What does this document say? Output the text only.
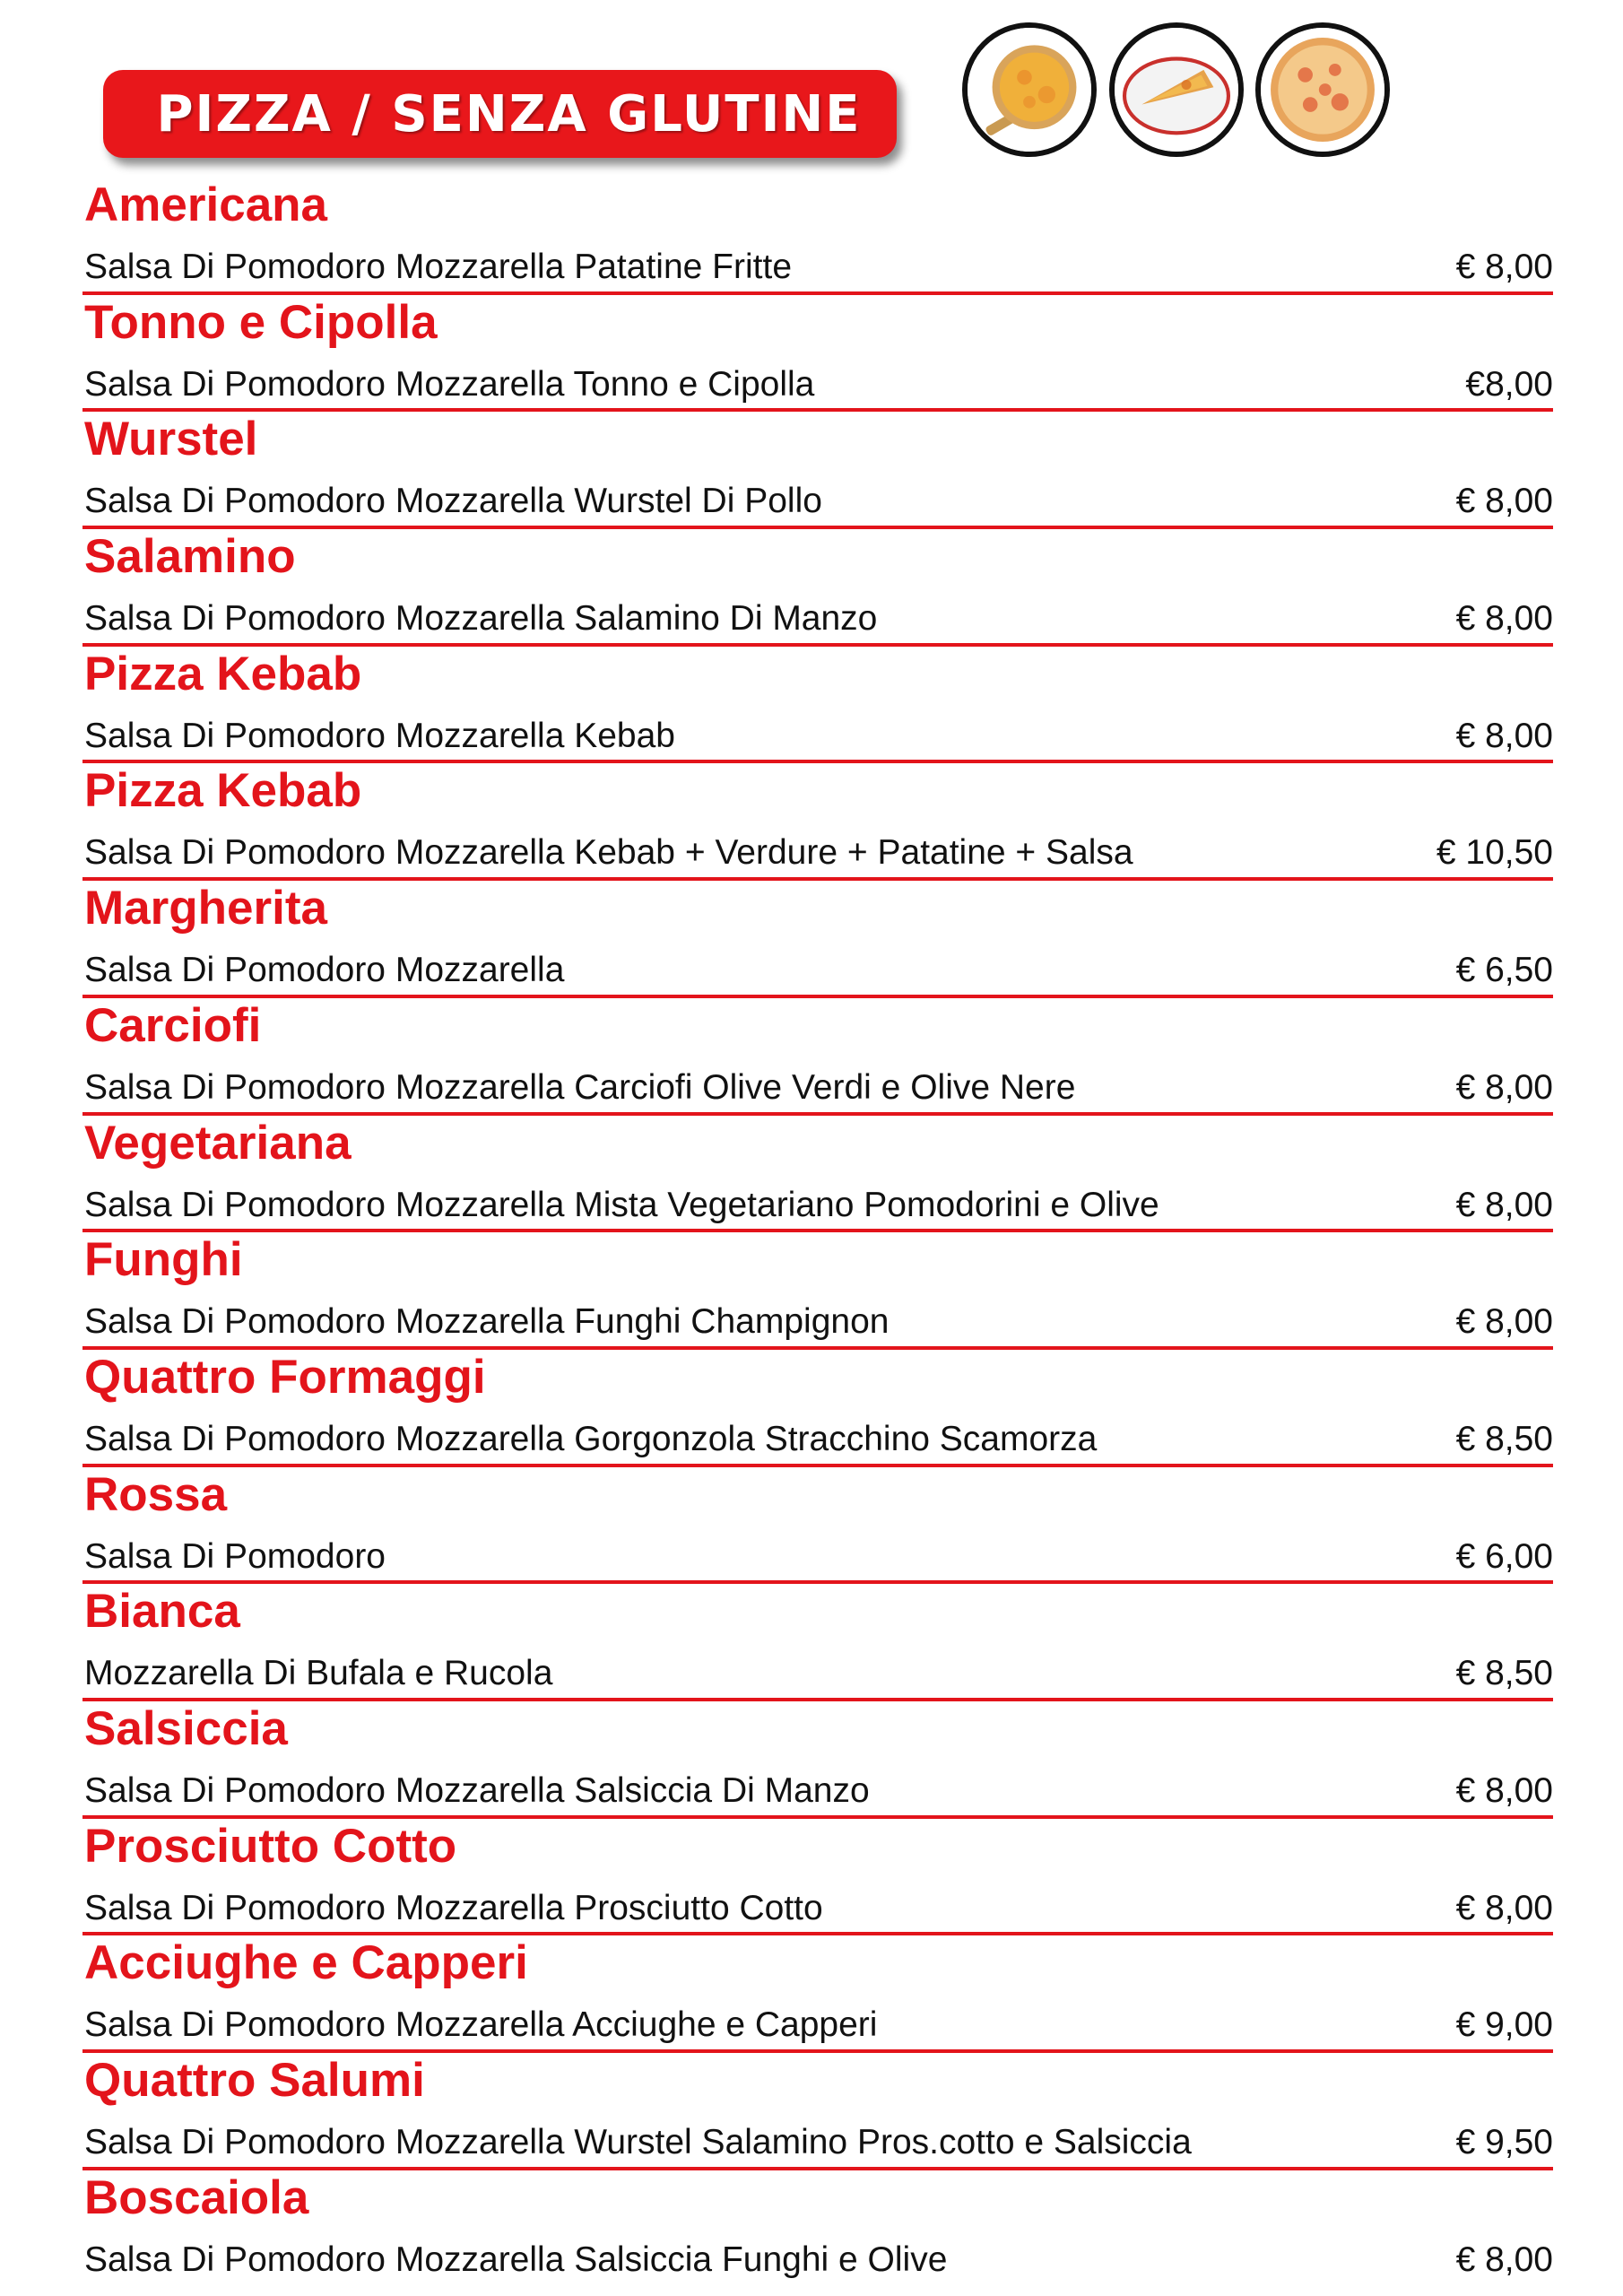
PIZZA / SENZA GLUTINE
Americana
Salsa Di Pomodoro Mozzarella Patatine Fritte	€ 8,00
Tonno e Cipolla
Salsa Di Pomodoro Mozzarella Tonno e Cipolla	€8,00
Wurstel
Salsa Di Pomodoro Mozzarella Wurstel Di Pollo	€ 8,00
Salamino
Salsa Di Pomodoro Mozzarella Salamino Di Manzo	€ 8,00
Pizza Kebab
Salsa Di Pomodoro Mozzarella Kebab	€ 8,00
Pizza Kebab
Salsa Di Pomodoro Mozzarella Kebab + Verdure + Patatine + Salsa	€ 10,50
Margherita
Salsa Di Pomodoro Mozzarella	€ 6,50
Carciofi
Salsa Di Pomodoro Mozzarella Carciofi Olive Verdi e Olive Nere	€ 8,00
Vegetariana
Salsa Di Pomodoro Mozzarella Mista Vegetariano Pomodorini e Olive	€ 8,00
Funghi
Salsa Di Pomodoro Mozzarella Funghi Champignon	€ 8,00
Quattro Formaggi
Salsa Di Pomodoro Mozzarella Gorgonzola Stracchino Scamorza	€ 8,50
Rossa
Salsa Di Pomodoro	€ 6,00
Bianca
Mozzarella Di Bufala e Rucola	€ 8,50
Salsiccia
Salsa Di Pomodoro Mozzarella Salsiccia Di Manzo	€ 8,00
Prosciutto Cotto
Salsa Di Pomodoro Mozzarella Prosciutto Cotto	€ 8,00
Acciughe e Capperi
Salsa Di Pomodoro Mozzarella Acciughe e Capperi	€ 9,00
Quattro Salumi
Salsa Di Pomodoro Mozzarella Wurstel Salamino Pros.cotto e Salsiccia	€ 9,50
Boscaiola
Salsa Di Pomodoro Mozzarella Salsiccia Funghi e Olive	€ 8,00
